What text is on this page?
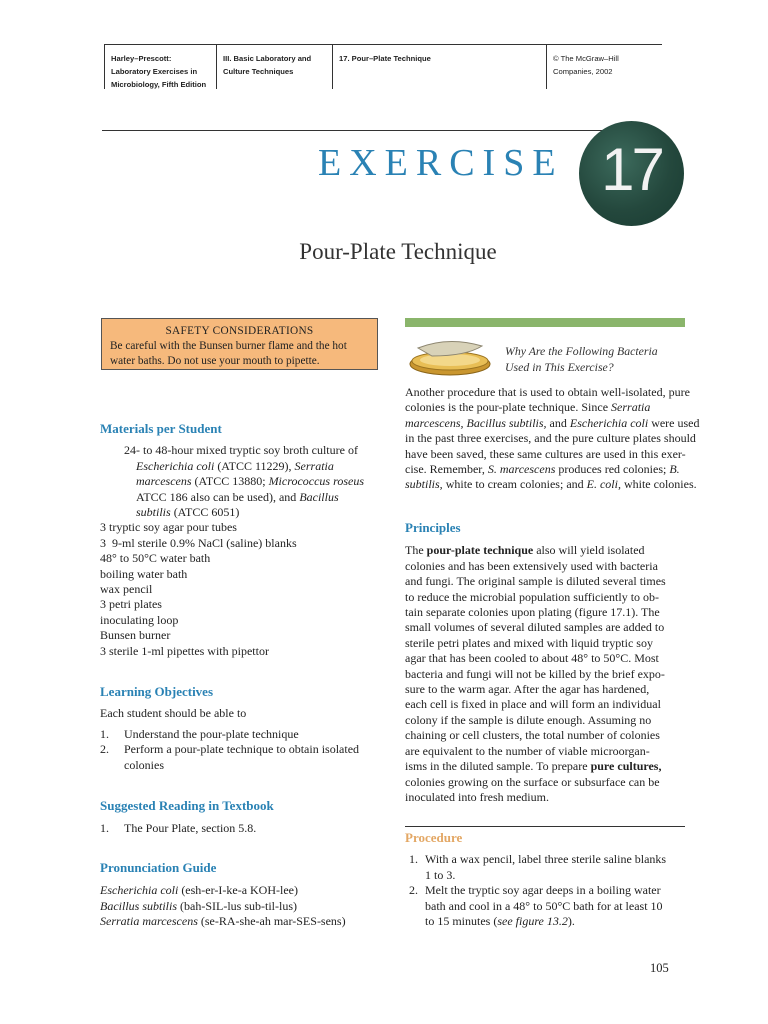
Harley–Prescott:
Laboratory Exercises in
Microbiology, Fifth Edition
III. Basic Laboratory and
Culture Techniques
17. Pour–Plate Technique	© The McGraw–Hill
Companies, 2002
EXERCISE 17
Pour-Plate Technique
SAFETY CONSIDERATIONS
Be careful with the Bunsen burner flame and the hot
water baths. Do not use your mouth to pipette.
Materials per Student
24- to 48-hour mixed tryptic soy broth culture of
Escherichia coli (ATCC 11229), Serratia
marcescens (ATCC 13880; Micrococcus roseus
ATCC 186 also can be used), and Bacillus
subtilis (ATCC 6051)
3 tryptic soy agar pour tubes
3  9-ml sterile 0.9% NaCl (saline) blanks
48° to 50°C water bath
boiling water bath
wax pencil
3 petri plates
inoculating loop
Bunsen burner
3 sterile 1-ml pipettes with pipettor
Learning Objectives
Each student should be able to
1. Understand the pour-plate technique
2. Perform a pour-plate technique to obtain isolated
colonies
Suggested Reading in Textbook
1. The Pour Plate, section 5.8.
Pronunciation Guide
Escherichia coli (esh-er-I-ke-a KOH-lee)
Bacillus subtilis (bah-SIL-lus sub-til-lus)
Serratia marcescens (se-RA-she-ah mar-SES-sens)
Why Are the Following Bacteria
Used in This Exercise?
Another procedure that is used to obtain well-isolated, pure
colonies is the pour-plate technique. Since Serratia
marcescens, Bacillus subtilis, and Escherichia coli were used
in the past three exercises, and the pure culture plates should
have been saved, these same cultures are used in this exer-
cise. Remember, S. marcescens produces red colonies; B.
subtilis, white to cream colonies; and E. coli, white colonies.
Principles
The pour-plate technique also will yield isolated
colonies and has been extensively used with bacteria
and fungi. The original sample is diluted several times
to reduce the microbial population sufficiently to ob-
tain separate colonies upon plating (figure 17.1). The
small volumes of several diluted samples are added to
sterile petri plates and mixed with liquid tryptic soy
agar that has been cooled to about 48° to 50°C. Most
bacteria and fungi will not be killed by the brief expo-
sure to the warm agar. After the agar has hardened,
each cell is fixed in place and will form an individual
colony if the sample is dilute enough. Assuming no
chaining or cell clusters, the total number of colonies
are equivalent to the number of viable microorgan-
isms in the diluted sample. To prepare pure cultures,
colonies growing on the surface or subsurface can be
inoculated into fresh medium.
Procedure
1. With a wax pencil, label three sterile saline blanks
1 to 3.
2. Melt the tryptic soy agar deeps in a boiling water
bath and cool in a 48° to 50°C bath for at least 10
to 15 minutes (see figure 13.2).
105
